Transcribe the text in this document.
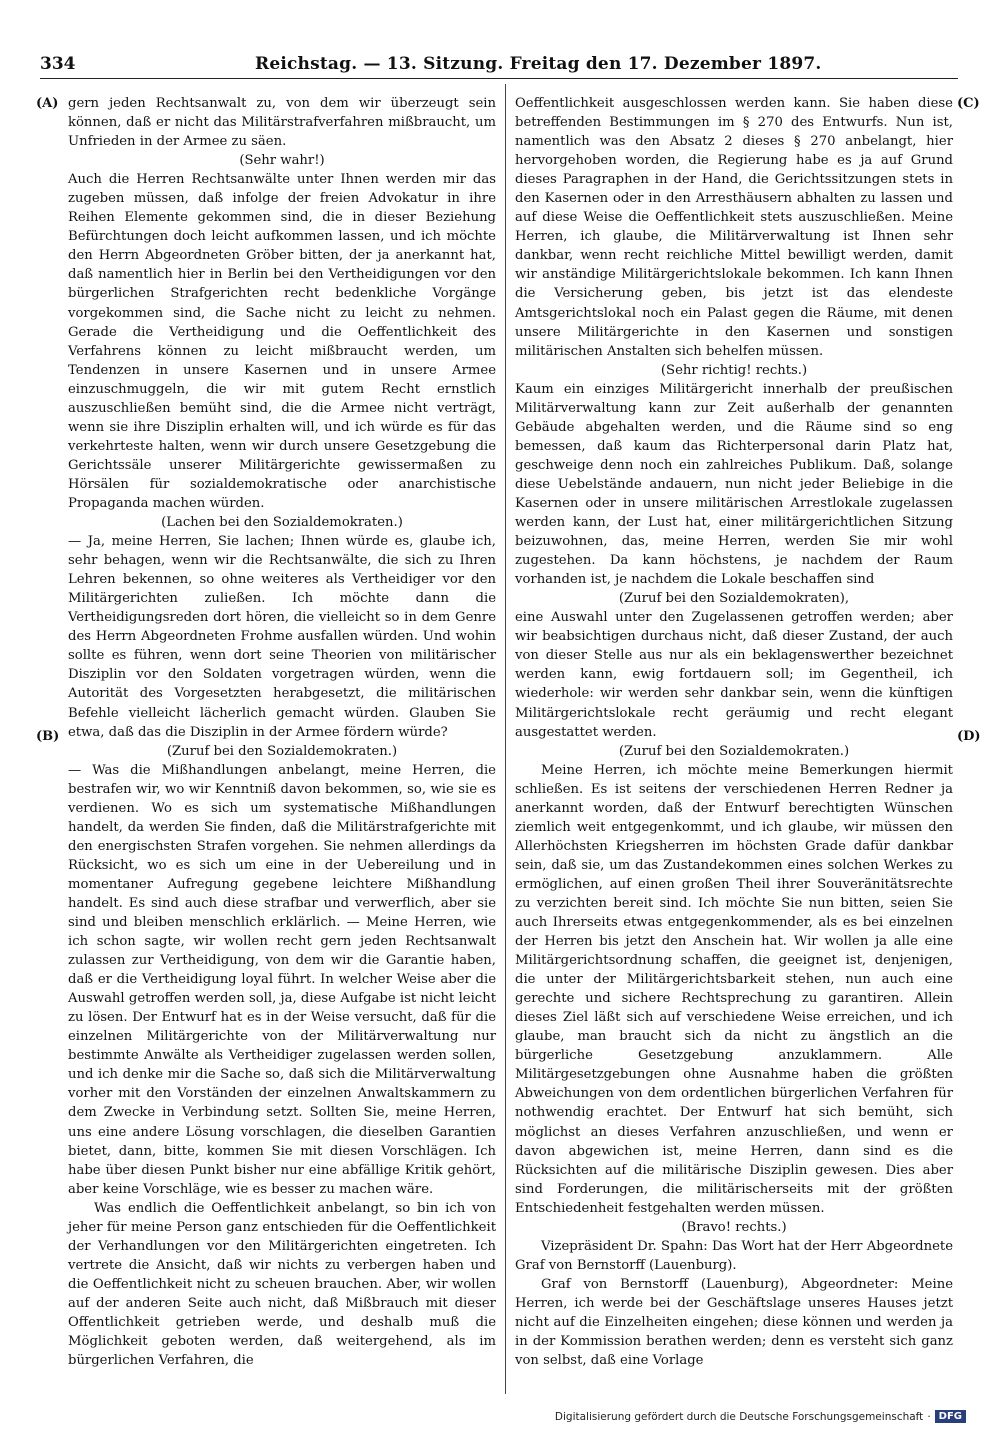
334	Reichstag. — 13. Sitzung. Freitag den 17. Dezember 1897.
(A)
(B)
(C)
(D)

gern jeden Rechtsanwalt zu, von dem wir überzeugt sein können, daß er nicht das Militärstrafverfahren mißbraucht, um Unfrieden in der Armee zu säen.

(Sehr wahr!)

Auch die Herren Rechtsanwälte unter Ihnen werden mir das zugeben müssen, daß infolge der freien Advokatur in ihre Reihen Elemente gekommen sind, die in dieser Beziehung Befürchtungen doch leicht aufkommen lassen, und ich möchte den Herrn Abgeordneten Gröber bitten, der ja anerkannt hat, daß namentlich hier in Berlin bei den Vertheidigungen vor den bürgerlichen Strafgerichten recht bedenkliche Vorgänge vorgekommen sind, die Sache nicht zu leicht zu nehmen. Gerade die Vertheidigung und die Oeffentlichkeit des Verfahrens können zu leicht mißbraucht werden, um Tendenzen in unsere Kasernen und in unsere Armee einzuschmuggeln, die wir mit gutem Recht ernstlich auszuschließen bemüht sind, die die Armee nicht verträgt, wenn sie ihre Disziplin erhalten will, und ich würde es für das verkehrteste halten, wenn wir durch unsere Gesetzgebung die Gerichtssäle unserer Militärgerichte gewissermaßen zu Hörsälen für sozialdemokratische oder anarchistische Propaganda machen würden.

(Lachen bei den Sozialdemokraten.)

— Ja, meine Herren, Sie lachen; Ihnen würde es, glaube ich, sehr behagen, wenn wir die Rechtsanwälte, die sich zu Ihren Lehren bekennen, so ohne weiteres als Vertheidiger vor den Militärgerichten zuließen. Ich möchte dann die Vertheidigungsreden dort hören, die vielleicht so in dem Genre des Herrn Abgeordneten Frohme ausfallen würden. Und wohin sollte es führen, wenn dort seine Theorien von militärischer Disziplin vor den Soldaten vorgetragen würden, wenn die Autorität des Vorgesetzten herabgesetzt, die militärischen Befehle vielleicht lächerlich gemacht würden. Glauben Sie etwa, daß das die Disziplin in der Armee fördern würde?

(Zuruf bei den Sozialdemokraten.)

— Was die Mißhandlungen anbelangt, meine Herren, die bestrafen wir, wo wir Kenntniß davon bekommen, so, wie sie es verdienen. Wo es sich um systematische Mißhandlungen handelt, da werden Sie finden, daß die Militärstrafgerichte mit den energischsten Strafen vorgehen. Sie nehmen allerdings da Rücksicht, wo es sich um eine in der Uebereilung und in momentaner Aufregung gegebene leichtere Mißhandlung handelt. Es sind auch diese strafbar und verwerflich, aber sie sind und bleiben menschlich erklärlich. — Meine Herren, wie ich schon sagte, wir wollen recht gern jeden Rechtsanwalt zulassen zur Vertheidigung, von dem wir die Garantie haben, daß er die Vertheidigung loyal führt. In welcher Weise aber die Auswahl getroffen werden soll, ja, diese Aufgabe ist nicht leicht zu lösen. Der Entwurf hat es in der Weise versucht, daß für die einzelnen Militärgerichte von der Militärverwaltung nur bestimmte Anwälte als Vertheidiger zugelassen werden sollen, und ich denke mir die Sache so, daß sich die Militärverwaltung vorher mit den Vorständen der einzelnen Anwaltskammern zu dem Zwecke in Verbindung setzt. Sollten Sie, meine Herren, uns eine andere Lösung vorschlagen, die dieselben Garantien bietet, dann, bitte, kommen Sie mit diesen Vorschlägen. Ich habe über diesen Punkt bisher nur eine abfällige Kritik gehört, aber keine Vorschläge, wie es besser zu machen wäre.

Was endlich die Oeffentlichkeit anbelangt, so bin ich von jeher für meine Person ganz entschieden für die Oeffentlichkeit der Verhandlungen vor den Militärgerichten eingetreten. Ich vertrete die Ansicht, daß wir nichts zu verbergen haben und die Oeffentlichkeit nicht zu scheuen brauchen. Aber, wir wollen auf der anderen Seite auch nicht, daß Mißbrauch mit dieser Offentlichkeit getrieben werde, und deshalb muß die Möglichkeit geboten werden, daß weitergehend, als im bürgerlichen Verfahren, die

Oeffentlichkeit ausgeschlossen werden kann. Sie haben diese betreffenden Bestimmungen im § 270 des Entwurfs. Nun ist, namentlich was den Absatz 2 dieses § 270 anbelangt, hier hervorgehoben worden, die Regierung habe es ja auf Grund dieses Paragraphen in der Hand, die Gerichtssitzungen stets in den Kasernen oder in den Arresthäusern abhalten zu lassen und auf diese Weise die Oeffentlichkeit stets auszuschließen. Meine Herren, ich glaube, die Militärverwaltung ist Ihnen sehr dankbar, wenn recht reichliche Mittel bewilligt werden, damit wir anständige Militärgerichtslokale bekommen. Ich kann Ihnen die Versicherung geben, bis jetzt ist das elendeste Amtsgerichtslokal noch ein Palast gegen die Räume, mit denen unsere Militärgerichte in den Kasernen und sonstigen militärischen Anstalten sich behelfen müssen.

(Sehr richtig! rechts.)

Kaum ein einziges Militärgericht innerhalb der preußischen Militärverwaltung kann zur Zeit außerhalb der genannten Gebäude abgehalten werden, und die Räume sind so eng bemessen, daß kaum das Richterpersonal darin Platz hat, geschweige denn noch ein zahlreiches Publikum. Daß, solange diese Uebelstände andauern, nun nicht jeder Beliebige in die Kasernen oder in unsere militärischen Arrestlokale zugelassen werden kann, der Lust hat, einer militärgerichtlichen Sitzung beizuwohnen, das, meine Herren, werden Sie mir wohl zugestehen. Da kann höchstens, je nachdem der Raum vorhanden ist, je nachdem die Lokale beschaffen sind

(Zuruf bei den Sozialdemokraten),

eine Auswahl unter den Zugelassenen getroffen werden; aber wir beabsichtigen durchaus nicht, daß dieser Zustand, der auch von dieser Stelle aus nur als ein beklagenswerther bezeichnet werden kann, ewig fortdauern soll; im Gegentheil, ich wiederhole: wir werden sehr dankbar sein, wenn die künftigen Militärgerichtslokale recht geräumig und recht elegant ausgestattet werden.

(Zuruf bei den Sozialdemokraten.)

Meine Herren, ich möchte meine Bemerkungen hiermit schließen. Es ist seitens der verschiedenen Herren Redner ja anerkannt worden, daß der Entwurf berechtigten Wünschen ziemlich weit entgegenkommt, und ich glaube, wir müssen den Allerhöchsten Kriegsherren im höchsten Grade dafür dankbar sein, daß sie, um das Zustandekommen eines solchen Werkes zu ermöglichen, auf einen großen Theil ihrer Souveränitätsrechte zu verzichten bereit sind. Ich möchte Sie nun bitten, seien Sie auch Ihrerseits etwas entgegenkommender, als es bei einzelnen der Herren bis jetzt den Anschein hat. Wir wollen ja alle eine Militärgerichtsordnung schaffen, die geeignet ist, denjenigen, die unter der Militärgerichtsbarkeit stehen, nun auch eine gerechte und sichere Rechtsprechung zu garantiren. Allein dieses Ziel läßt sich auf verschiedene Weise erreichen, und ich glaube, man braucht sich da nicht zu ängstlich an die bürgerliche Gesetzgebung anzuklammern. Alle Militärgesetzgebungen ohne Ausnahme haben die größten Abweichungen von dem ordentlichen bürgerlichen Verfahren für nothwendig erachtet. Der Entwurf hat sich bemüht, sich möglichst an dieses Verfahren anzuschließen, und wenn er davon abgewichen ist, meine Herren, dann sind es die Rücksichten auf die militärische Disziplin gewesen. Dies aber sind Forderungen, die militärischerseits mit der größten Entschiedenheit festgehalten werden müssen.

(Bravo! rechts.)

Vizepräsident Dr. Spahn: Das Wort hat der Herr Abgeordnete Graf von Bernstorff (Lauenburg).

Graf von Bernstorff (Lauenburg), Abgeordneter: Meine Herren, ich werde bei der Geschäftslage unseres Hauses jetzt nicht auf die Einzelheiten eingehen; diese können und werden ja in der Kommission berathen werden; denn es versteht sich ganz von selbst, daß eine Vorlage

Digitalisierung gefördert durch die Deutsche Forschungsgemeinschaft · DFG
